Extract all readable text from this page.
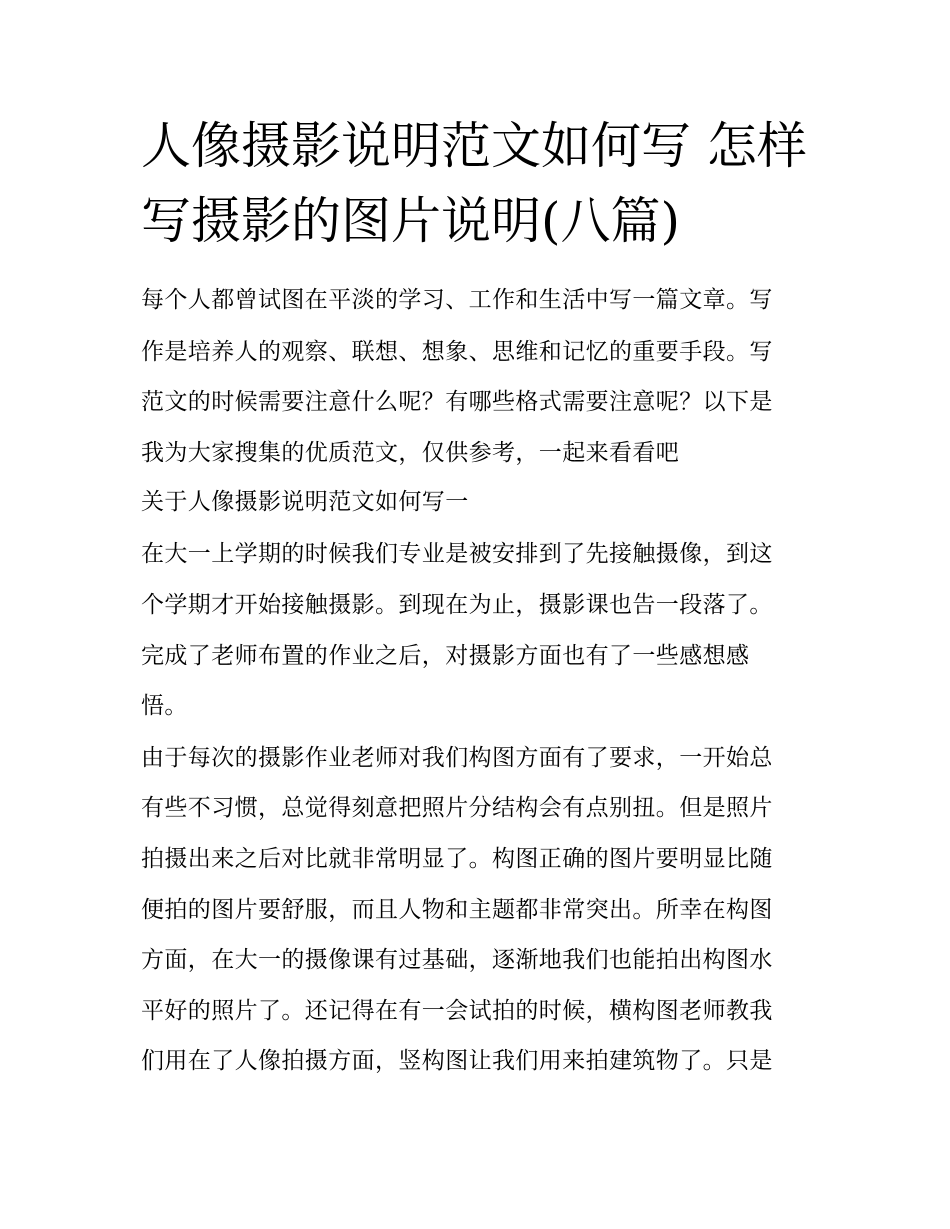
人像摄影说明范文如何写 怎样
写摄影的图片说明(八篇)
每个人都曾试图在平淡的学习、工作和生活中写一篇文章。写
作是培养人的观察、联想、想象、思维和记忆的重要手段。写
范文的时候需要注意什么呢？有哪些格式需要注意呢？以下是
我为大家搜集的优质范文，仅供参考，一起来看看吧
关于人像摄影说明范文如何写一
在大一上学期的时候我们专业是被安排到了先接触摄像，到这
个学期才开始接触摄影。到现在为止，摄影课也告一段落了。
完成了老师布置的作业之后，对摄影方面也有了一些感想感
悟。
由于每次的摄影作业老师对我们构图方面有了要求，一开始总
有些不习惯，总觉得刻意把照片分结构会有点别扭。但是照片
拍摄出来之后对比就非常明显了。构图正确的图片要明显比随
便拍的图片要舒服，而且人物和主题都非常突出。所幸在构图
方面，在大一的摄像课有过基础，逐渐地我们也能拍出构图水
平好的照片了。还记得在有一会试拍的时候，横构图老师教我
们用在了人像拍摄方面，竖构图让我们用来拍建筑物了。只是
